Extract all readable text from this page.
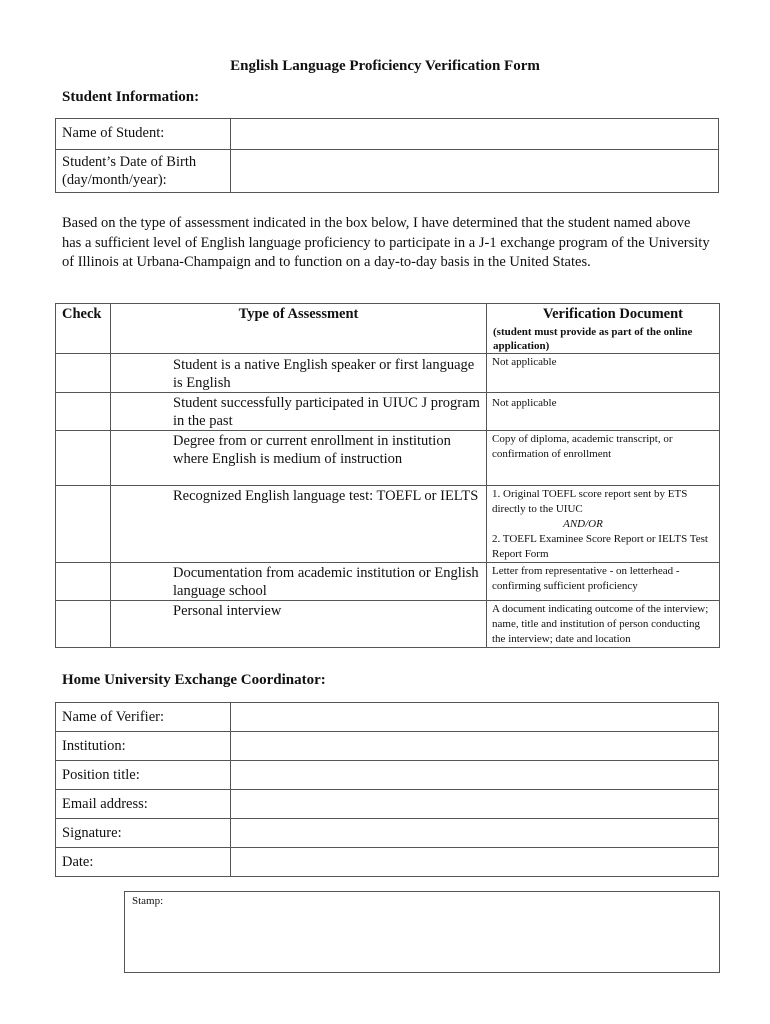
English Language Proficiency Verification Form
Student Information:
Name of Student:	

Student’s Date of Birth
(day/month/year):	

Based on the type of assessment indicated in the box below, I have determined that the student named above has a sufficient level of English language proficiency to participate in a J-1 exchange program of the University of Illinois at Urbana-Champaign and to function on a day-to-day basis in the United States.
Check	Type of Assessment	Verification Document
(student must provide as part of the online application)

	Student is a native English speaker or first language is English	Not applicable
	Student successfully participated in UIUC J program in the past	Not applicable
	Degree from or current enrollment in institution where English is medium of instruction	Copy of diploma, academic transcript, or confirmation of enrollment
	Recognized English language test: TOEFL or IELTS	1. Original TOEFL score report sent by ETS directly to the UIUC
AND/OR
2. TOEFL Examinee Score Report or IELTS Test Report Form
	Documentation from academic institution or English language school	Letter from representative - on letterhead - confirming sufficient proficiency
	Personal interview	A document indicating outcome of the interview; name, title and institution of person conducting the interview; date and location
Home University Exchange Coordinator:
Name of Verifier:	
Institution:	
Position title:	
Email address:	
Signature:	
Date:	
Stamp:
